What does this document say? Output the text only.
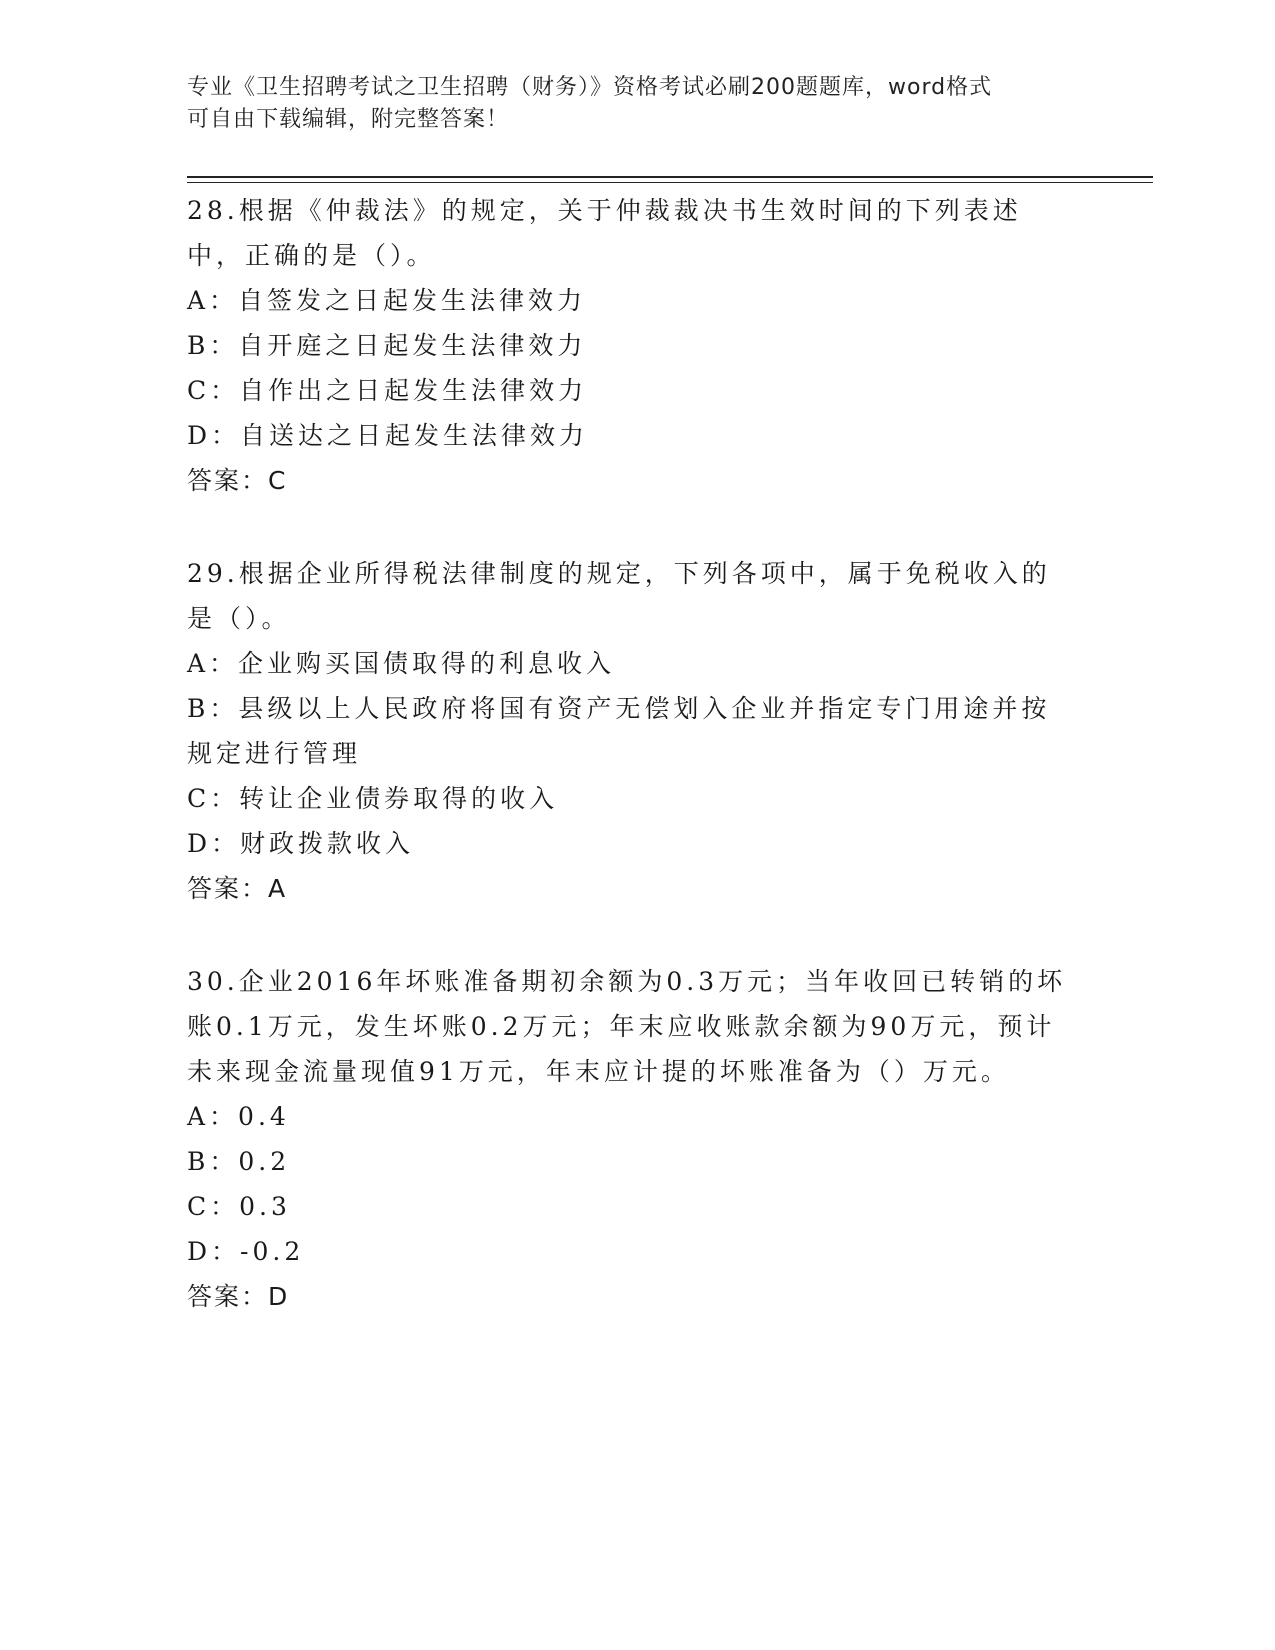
专业《卫生招聘考试之卫生招聘（财务）》资格考试必刷200题题库，word格式
可自由下载编辑，附完整答案！

28.根据《仲裁法》的规定，关于仲裁裁决书生效时间的下列表述中，正确的是（）。

A：自签发之日起发生法律效力

B：自开庭之日起发生法律效力

C：自作出之日起发生法律效力

D：自送达之日起发生法律效力

答案：C

29.根据企业所得税法律制度的规定，下列各项中，属于免税收入的是（）。

A：企业购买国债取得的利息收入

B：县级以上人民政府将国有资产无偿划入企业并指定专门用途并按规定进行管理

C：转让企业债券取得的收入

D：财政拨款收入

答案：A

30.企业2016年坏账准备期初余额为0.3万元；当年收回已转销的坏账0.1万元，发生坏账0.2万元；年末应收账款余额为90万元，预计未来现金流量现值91万元，年末应计提的坏账准备为（）万元。

A：0.4

B：0.2

C：0.3

D：-0.2

答案：D
